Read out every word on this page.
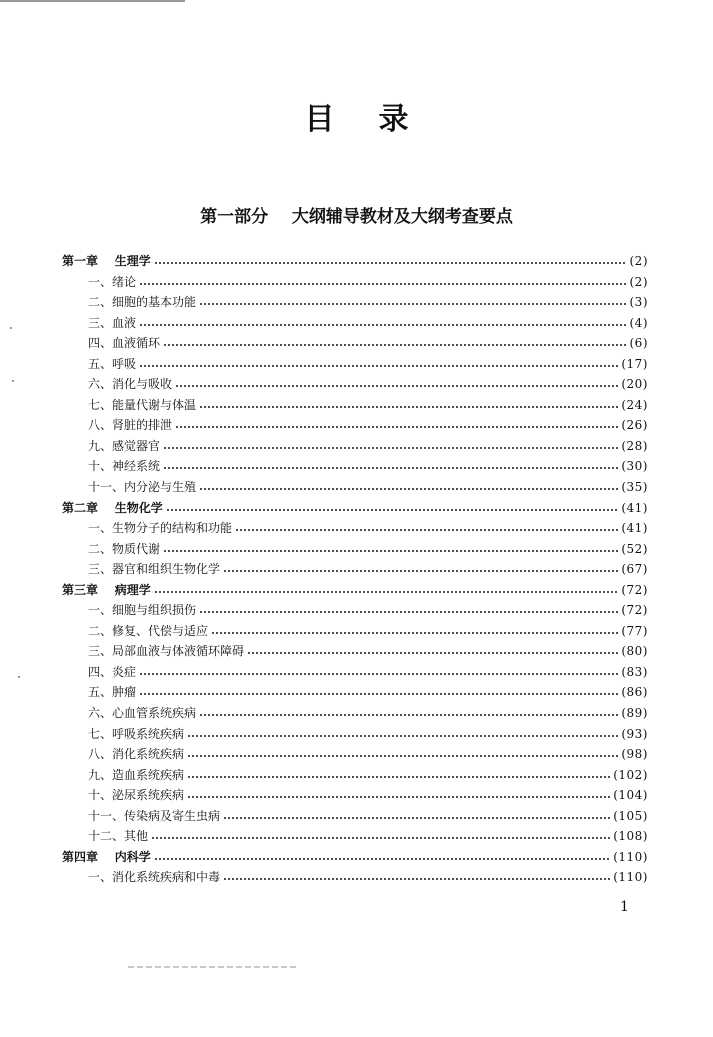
目录
第一部分    大纲辅导教材及大纲考查要点
第一章    生理学	(2)
一、绪论	(2)
二、细胞的基本功能	(3)
三、血液	(4)
四、血液循环	(6)
五、呼吸	(17)
六、消化与吸收	(20)
七、能量代谢与体温	(24)
八、肾脏的排泄	(26)
九、感觉器官	(28)
十、神经系统	(30)
十一、内分泌与生殖	(35)
第二章    生物化学	(41)
一、生物分子的结构和功能	(41)
二、物质代谢	(52)
三、器官和组织生物化学	(67)
第三章    病理学	(72)
一、细胞与组织损伤	(72)
二、修复、代偿与适应	(77)
三、局部血液与体液循环障碍	(80)
四、炎症	(83)
五、肿瘤	(86)
六、心血管系统疾病	(89)
七、呼吸系统疾病	(93)
八、消化系统疾病	(98)
九、造血系统疾病	(102)
十、泌尿系统疾病	(104)
十一、传染病及寄生虫病	(105)
十二、其他	(108)
第四章    内科学	(110)
一、消化系统疾病和中毒	(110)
1
